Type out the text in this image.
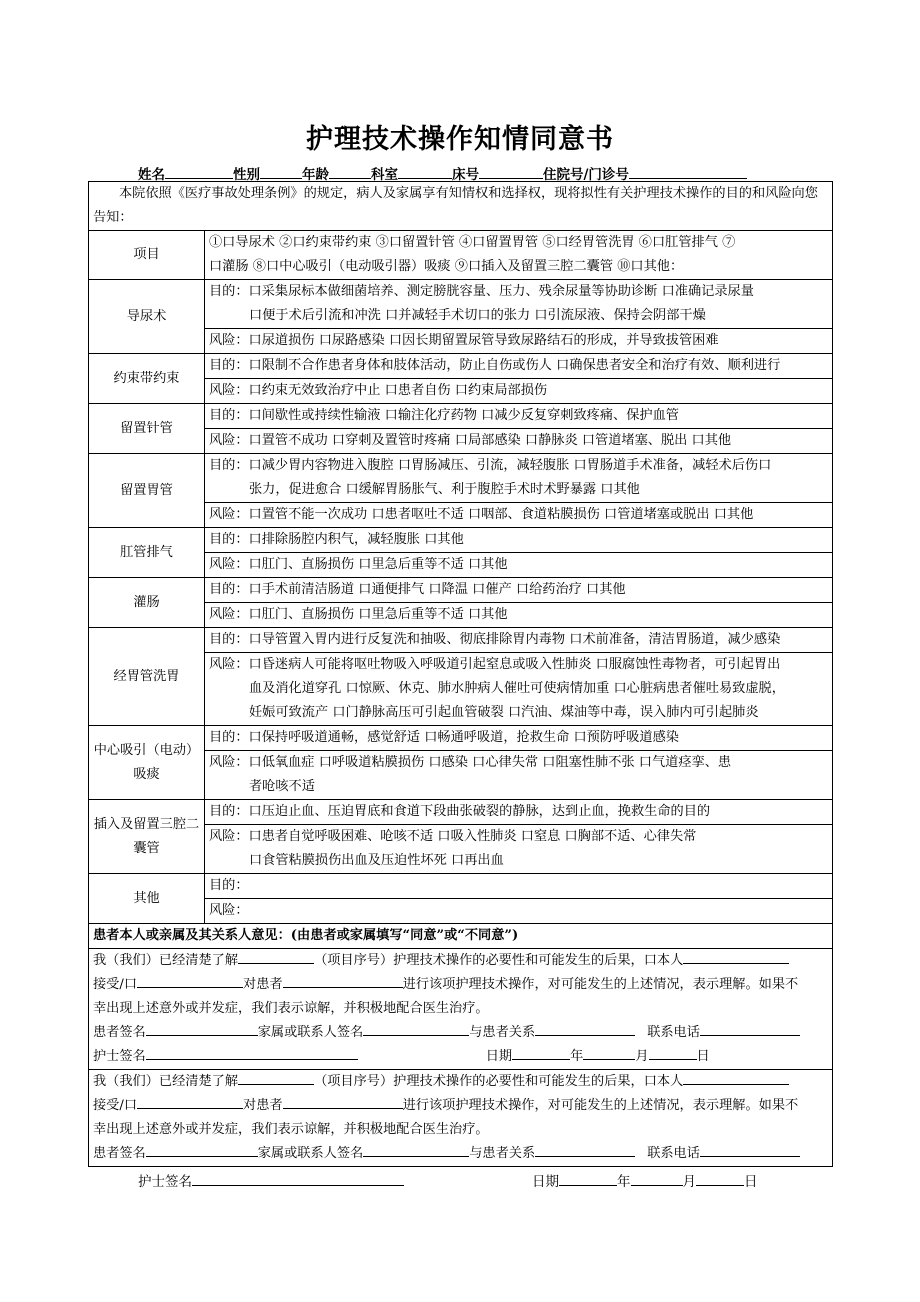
护理技术操作知情同意书
姓名	性别	年龄	科室	床号	住院号/门诊号
本院依照《医疗事故处理条例》的规定，病人及家属享有知情权和选择权，现将拟性有关护理技术操作的目的和风险向您告知：	
项目	①口导尿术 ②口约束带约束 ③口留置针管 ④口留置胃管 ⑤口经胃管洗胃 ⑥口肛管排气 ⑦
口灌肠 ⑧口中心吸引（电动吸引器）吸痰 ⑨口插入及留置三腔二囊管 ⑩口其他：

导尿术	目的：口采集尿标本做细菌培养、测定膀胱容量、压力、残余尿量等协助诊断 口准确记录尿量
口便于术后引流和冲洗 口并减轻手术切口的张力 口引流尿液、保持会阴部干燥

	风险：口尿道损伤 口尿路感染 口因长期留置尿管导致尿路结石的形成，并导致拔管困难

约束带约束	目的：口限制不合作患者身体和肢体活动，防止自伤或伤人 口确保患者安全和治疗有效、顺利进行

	风险：口约束无效致治疗中止 口患者自伤 口约束局部损伤

留置针管	目的：口间歇性或持续性输液 口输注化疗药物 口减少反复穿刺致疼痛、保护血管

	风险：口置管不成功 口穿刺及置管时疼痛 口局部感染 口静脉炎 口管道堵塞、脱出 口其他

留置胃管	目的：口减少胃内容物进入腹腔 口胃肠减压、引流，减轻腹胀 口胃肠道手术准备，减轻术后伤口
张力，促进愈合 口缓解胃肠胀气、利于腹腔手术时术野暴露 口其他

	风险：口置管不能一次成功 口患者呕吐不适 口咽部、食道粘膜损伤 口管道堵塞或脱出 口其他

肛管排气	目的：口排除肠腔内积气，减轻腹胀 口其他

	风险：口肛门、直肠损伤 口里急后重等不适 口其他

灌肠	目的：口手术前清洁肠道 口通便排气 口降温 口催产 口给药治疗 口其他

	风险：口肛门、直肠损伤 口里急后重等不适 口其他

经胃管洗胃	目的：口导管置入胃内进行反复洗和抽吸、彻底排除胃内毒物 口术前准备，清洁胃肠道，减少感染

	风险：口昏迷病人可能将呕吐物吸入呼吸道引起窒息或吸入性肺炎 口服腐蚀性毒物者，可引起胃出
血及消化道穿孔 口惊厥、休克、肺水肿病人催吐可使病情加重 口心脏病患者催吐易致虚脱，
妊娠可致流产 口门静脉高压可引起血管破裂 口汽油、煤油等中毒，误入肺内可引起肺炎

中心吸引（电动）吸痰	目的：口保持呼吸道通畅，感觉舒适 口畅通呼吸道，抢救生命 口预防呼吸道感染

	风险：口低氧血症 口呼吸道粘膜损伤 口感染 口心律失常 口阻塞性肺不张 口气道痉挛、患
者呛咳不适

插入及留置三腔二囊管	目的：口压迫止血、压迫胃底和食道下段曲张破裂的静脉，达到止血，挽救生命的目的

	风险：口患者自觉呼吸困难、呛咳不适 口吸入性肺炎 口窒息 口胸部不适、心律失常
口食管粘膜损伤出血及压迫性坏死 口再出血

其他	目的：

	风险：

患者本人或亲属及其关系人意见：(由患者或家属填写“同意”或“不同意”)	

我（我们）已经清楚了解 （项目序号）护理技术操作的必要性和可能发生的后果，口本人
接受/口 对患者 进行该项护理技术操作，对可能发生的上述情况，表示理解。如果不
幸出现上述意外或并发症，我们表示谅解，并积极地配合医生治疗。
患者签名 家属或联系人签名 与患者关系 联系电话
护士签名 日期 年 月 日	

我（我们）已经清楚了解 （项目序号）护理技术操作的必要性和可能发生的后果，口本人
接受/口 对患者 进行该项护理技术操作，对可能发生的上述情况，表示理解。如果不
幸出现上述意外或并发症，我们表示谅解，并积极地配合医生治疗。
患者签名 家属或联系人签名 与患者关系 联系电话	
护士签名	日期	年	月	日
